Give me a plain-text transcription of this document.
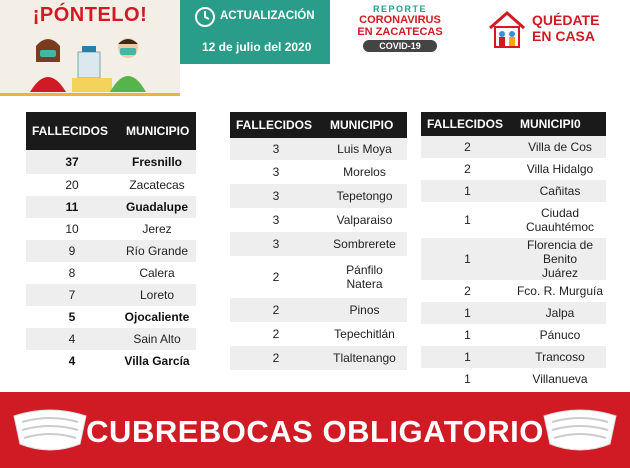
¡PÓNTELO!	ACTUALIZACIÓN
12 de julio del 2020
REPORTE
CORONAVIRUS
EN ZACATECAS
COVID-19
QUÉDATE
EN CASA
FALLECIDOS	MUNICIPIO
37	Fresnillo
20	Zacatecas
11	Guadalupe
10	Jerez
9	Río Grande
8	Calera
7	Loreto
5	Ojocaliente
4	Sain Alto
4	Villa García
FALLECIDOS	MUNICIPIO
3	Luis Moya
3	Morelos
3	Tepetongo
3	Valparaiso
3	Sombrerete
2	Pánfilo Natera
2	Pinos
2	Tepechitlán
2	Tlaltenango
FALLECIDOS	MUNICIPI0
2	Villa de Cos
2	Villa Hidalgo
1	Cañitas
1	Ciudad Cuauhtémoc
1	Florencia de Benito Juárez
2	Fco. R. Murguía
1	Jalpa
1	Pánuco
1	Trancoso
1	Villanueva
CUBREBOCAS OBLIGATORIO
